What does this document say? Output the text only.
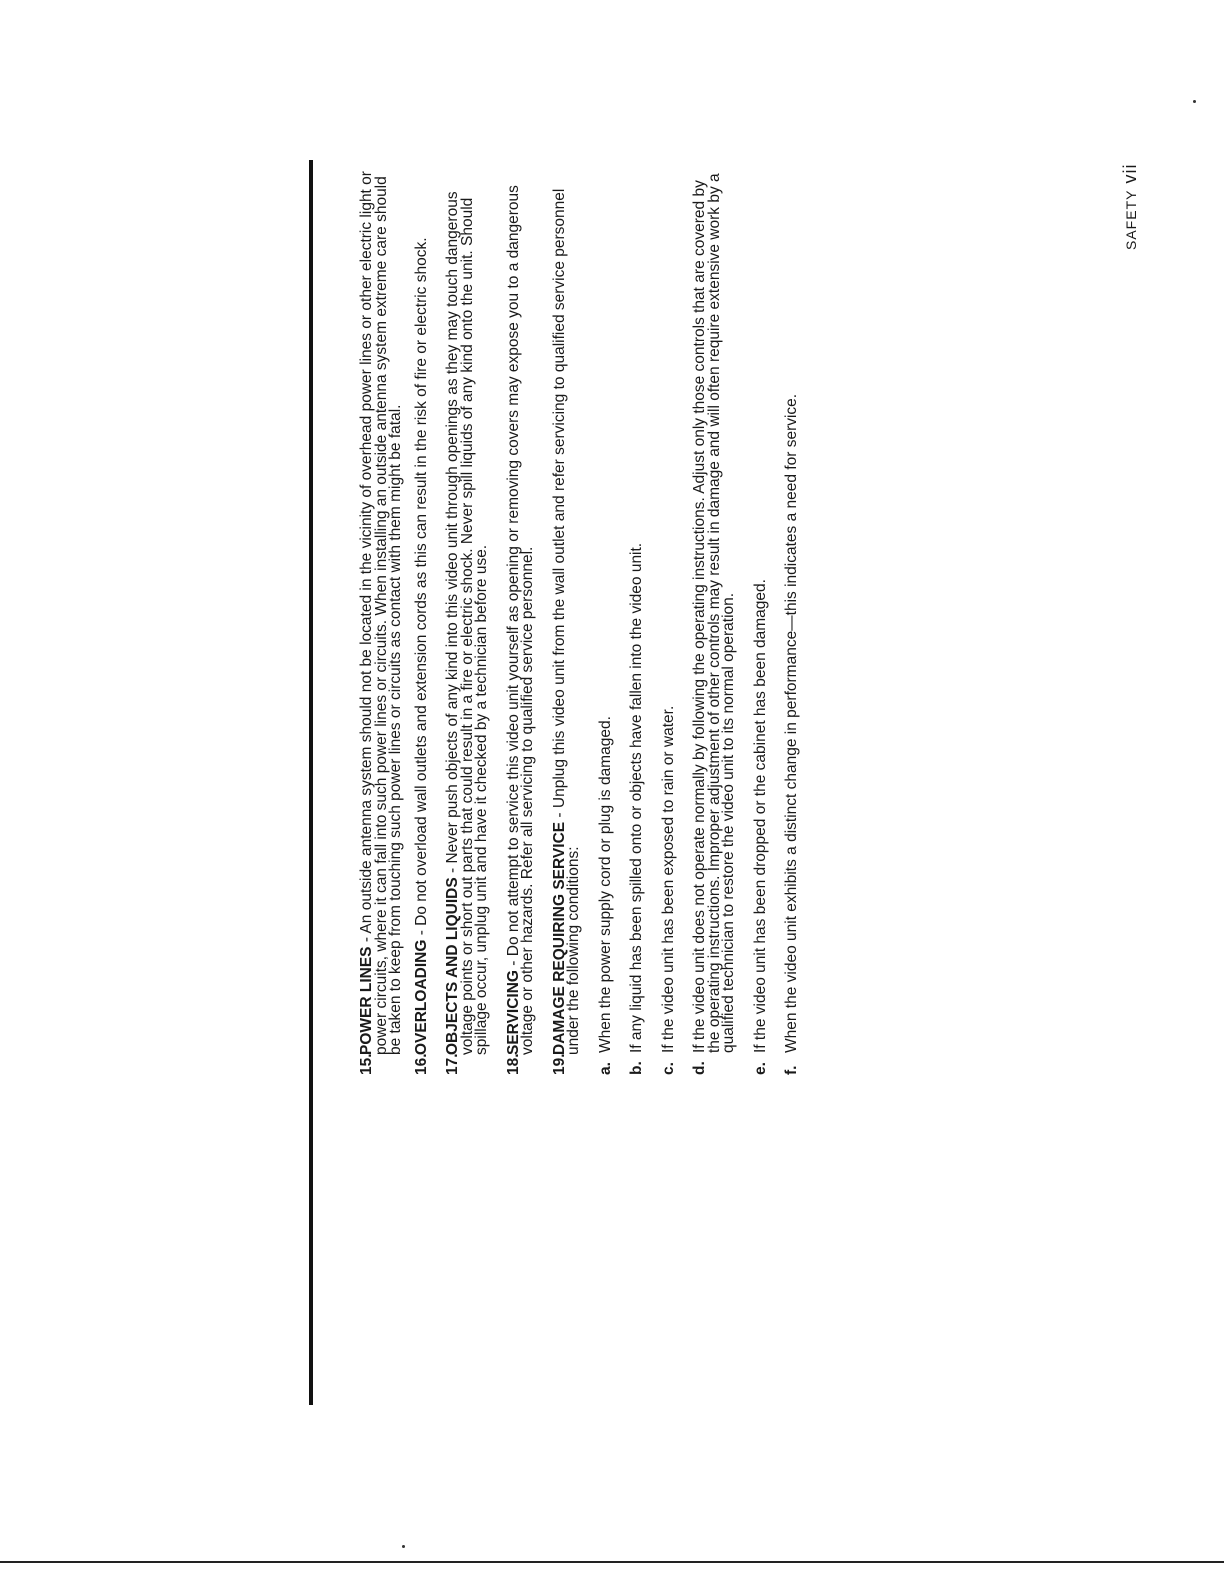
15.
POWER LINES - An outside antenna system should not be located in the vicinity of overhead power lines or other electric light or power circuits, where it can fall into such power lines or circuits. When installing an outside antenna system extreme care should be taken to keep from touching such power lines or circuits as contact with them might be fatal.
16.
OVERLOADING - Do not overload wall outlets and extension cords as this can result in the risk of fire or electric shock.
17.
OBJECTS AND LIQUIDS - Never push objects of any kind into this video unit through openings as they may touch dangerous voltage points or short out parts that could result in a fire or electric shock. Never spill liquids of any kind onto the unit. Should spillage occur, unplug unit and have it checked by a technician before use.
18.
SERVICING - Do not attempt to service this video unit yourself as opening or removing covers may expose you to a dangerous voltage or other hazards. Refer all servicing to qualified service personnel.
19.
DAMAGE REQUIRING SERVICE - Unplug this video unit from the wall outlet and refer servicing to qualified service personnel under the following conditions:
a.
When the power supply cord or plug is damaged.
b.
If any liquid has been spilled onto or objects have fallen into the video unit.
c.
If the video unit has been exposed to rain or water.
d.
If the video unit does not operate normally by following the operating instructions. Adjust only those controls that are covered by the operating instructions. Improper adjustment of other controls may result in damage and will often require extensive work by a qualified technician to restore the video unit to its normal operation.
e.
If the video unit has been dropped or the cabinet has been damaged.
f.
When the video unit exhibits a distinct change in performance—this indicates a need for service.
SAFETYvii
